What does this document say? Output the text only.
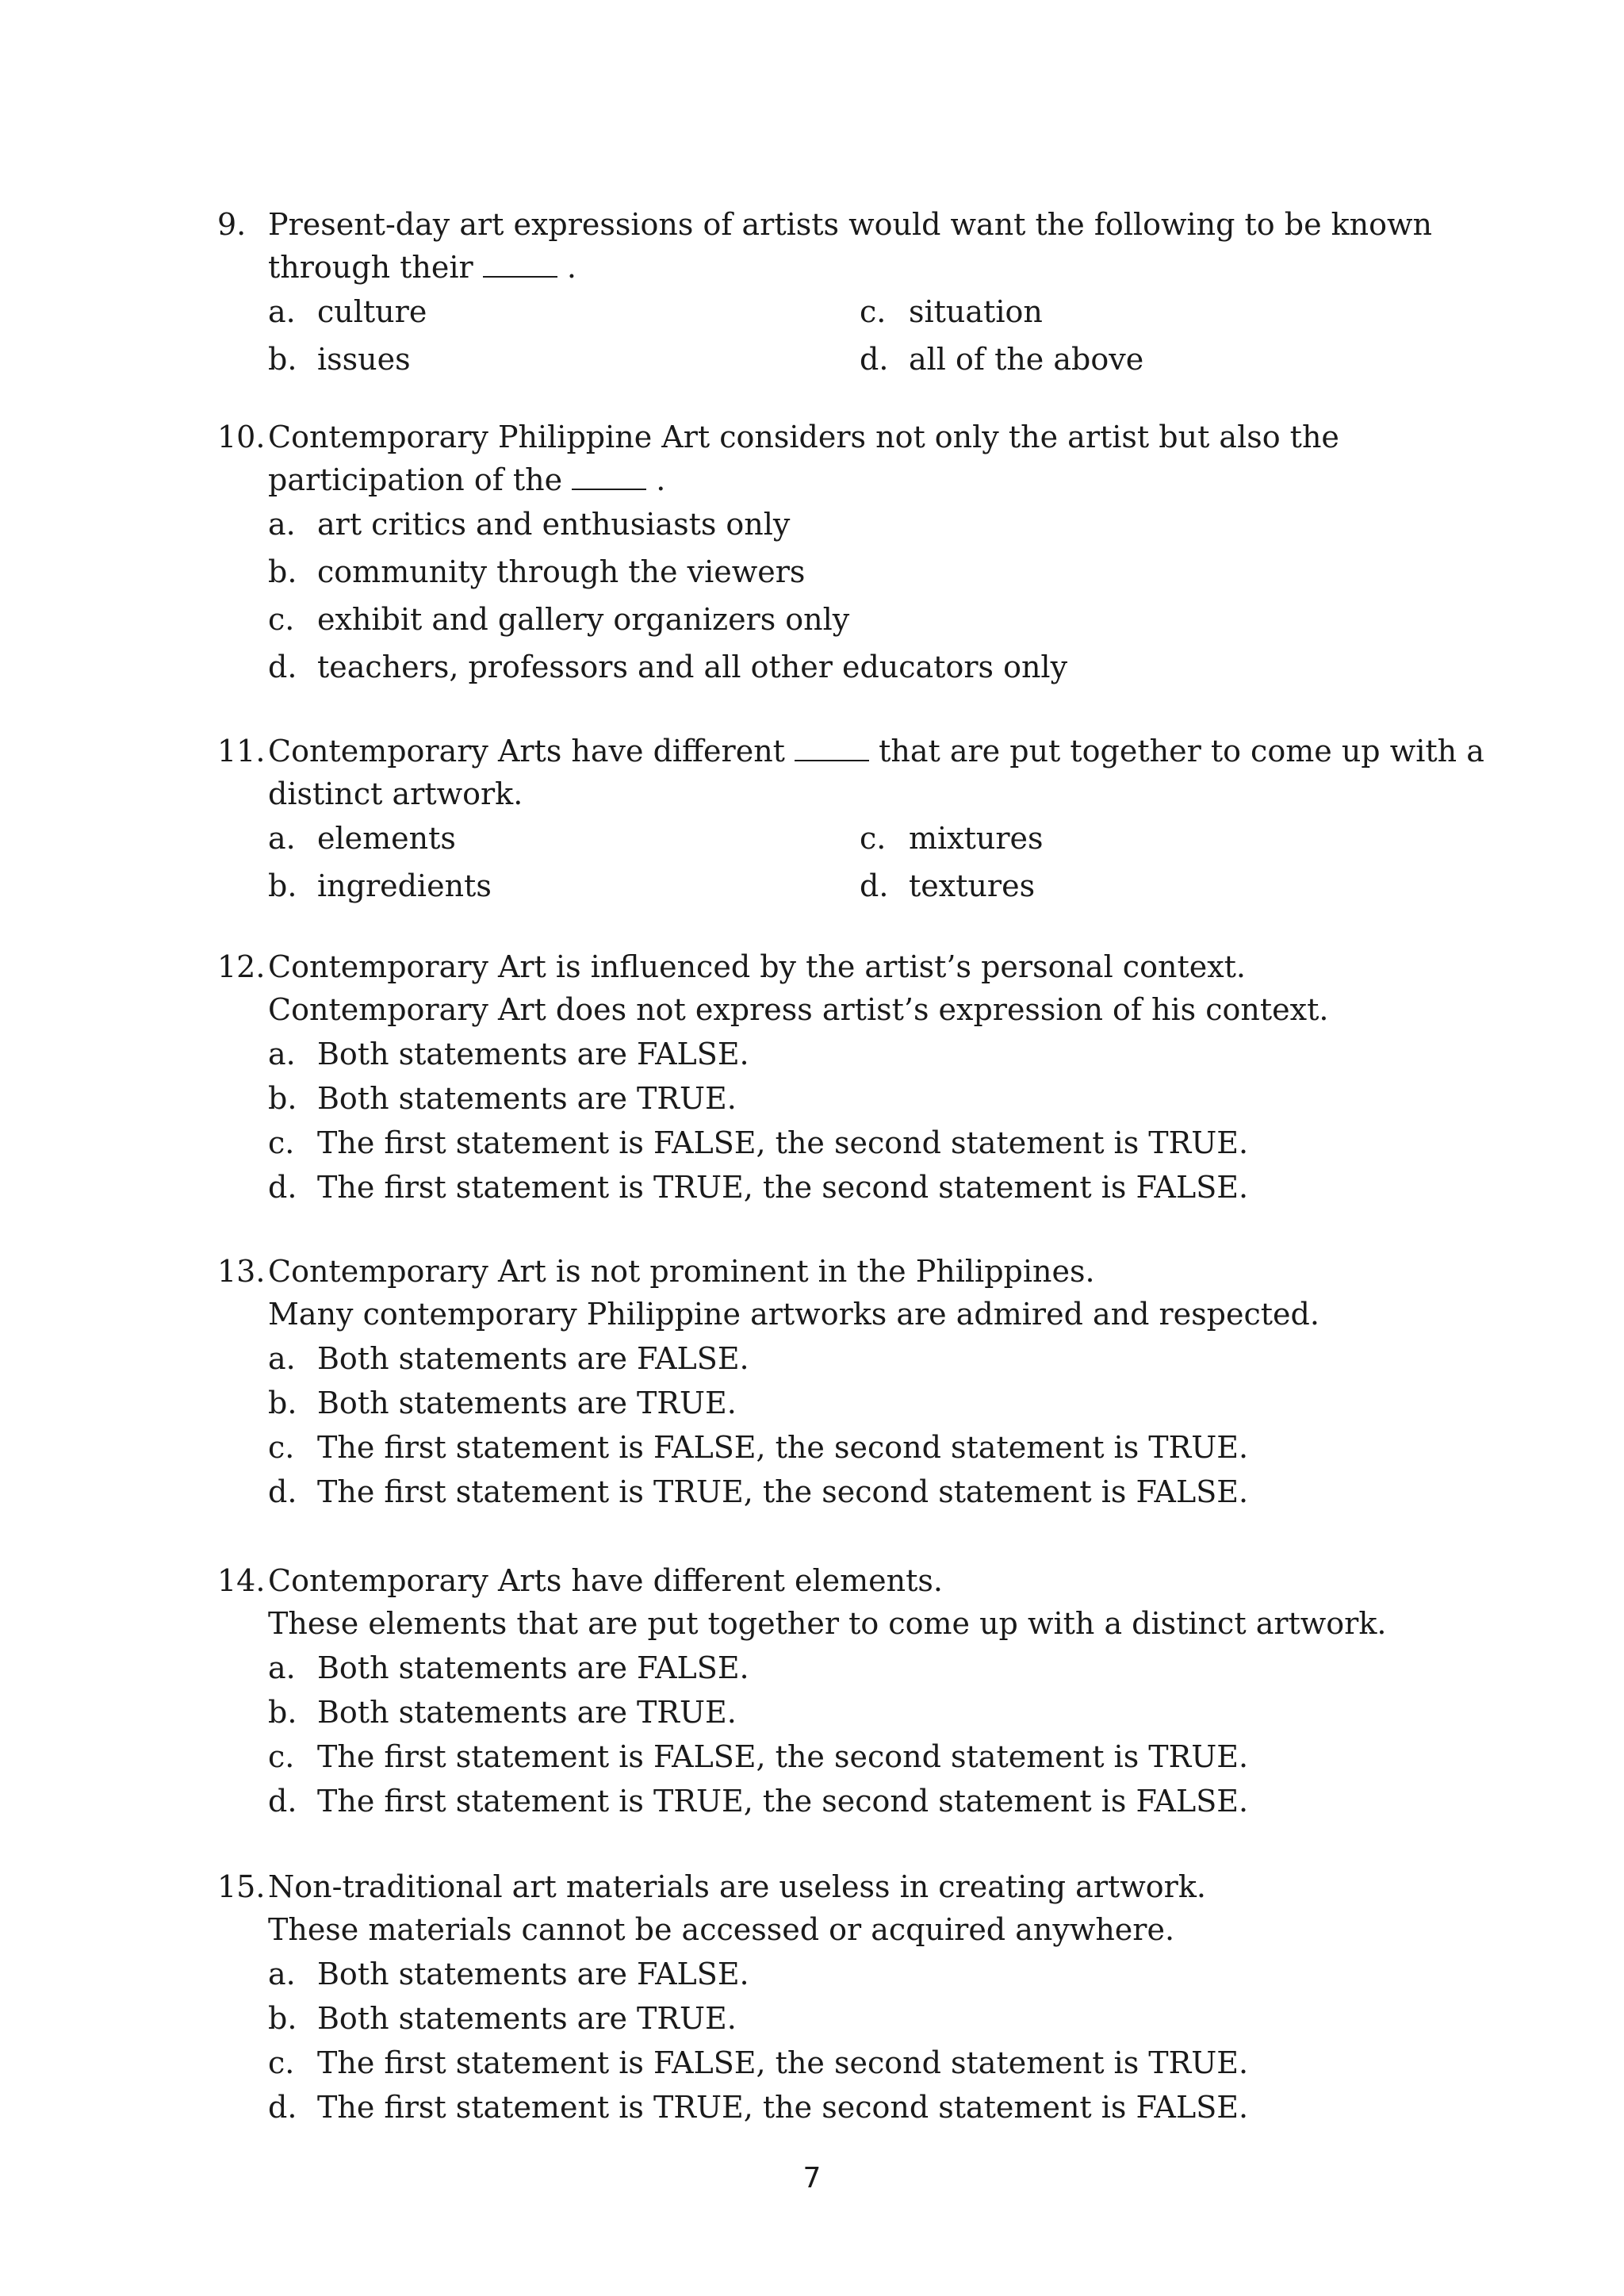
9. Present-day art expressions of artists would want the following to be known
through their	.
a. culture	c. situation
b. issues	d. all of the above
10. Contemporary Philippine Art considers not only the artist but also the
participation of the	.
a. art critics and enthusiasts only
b. community through the viewers
c. exhibit and gallery organizers only
d. teachers, professors and all other educators only
11. Contemporary Arts have different	that are put together to come up with a
distinct artwork.
a. elements	c. mixtures
b. ingredients	d. textures
12. Contemporary Art is influenced by the artist’s personal context.
Contemporary Art does not express artist’s expression of his context.
a. Both statements are FALSE.
b. Both statements are TRUE.
c. The first statement is FALSE, the second statement is TRUE.
d. The first statement is TRUE, the second statement is FALSE.
13. Contemporary Art is not prominent in the Philippines.
Many contemporary Philippine artworks are admired and respected.
a. Both statements are FALSE.
b. Both statements are TRUE.
c. The first statement is FALSE, the second statement is TRUE.
d. The first statement is TRUE, the second statement is FALSE.
14. Contemporary Arts have different elements.
These elements that are put together to come up with a distinct artwork.
a. Both statements are FALSE.
b. Both statements are TRUE.
c. The first statement is FALSE, the second statement is TRUE.
d. The first statement is TRUE, the second statement is FALSE.
15. Non-traditional art materials are useless in creating artwork.
These materials cannot be accessed or acquired anywhere.
a. Both statements are FALSE.
b. Both statements are TRUE.
c. The first statement is FALSE, the second statement is TRUE.
d. The first statement is TRUE, the second statement is FALSE.
7
